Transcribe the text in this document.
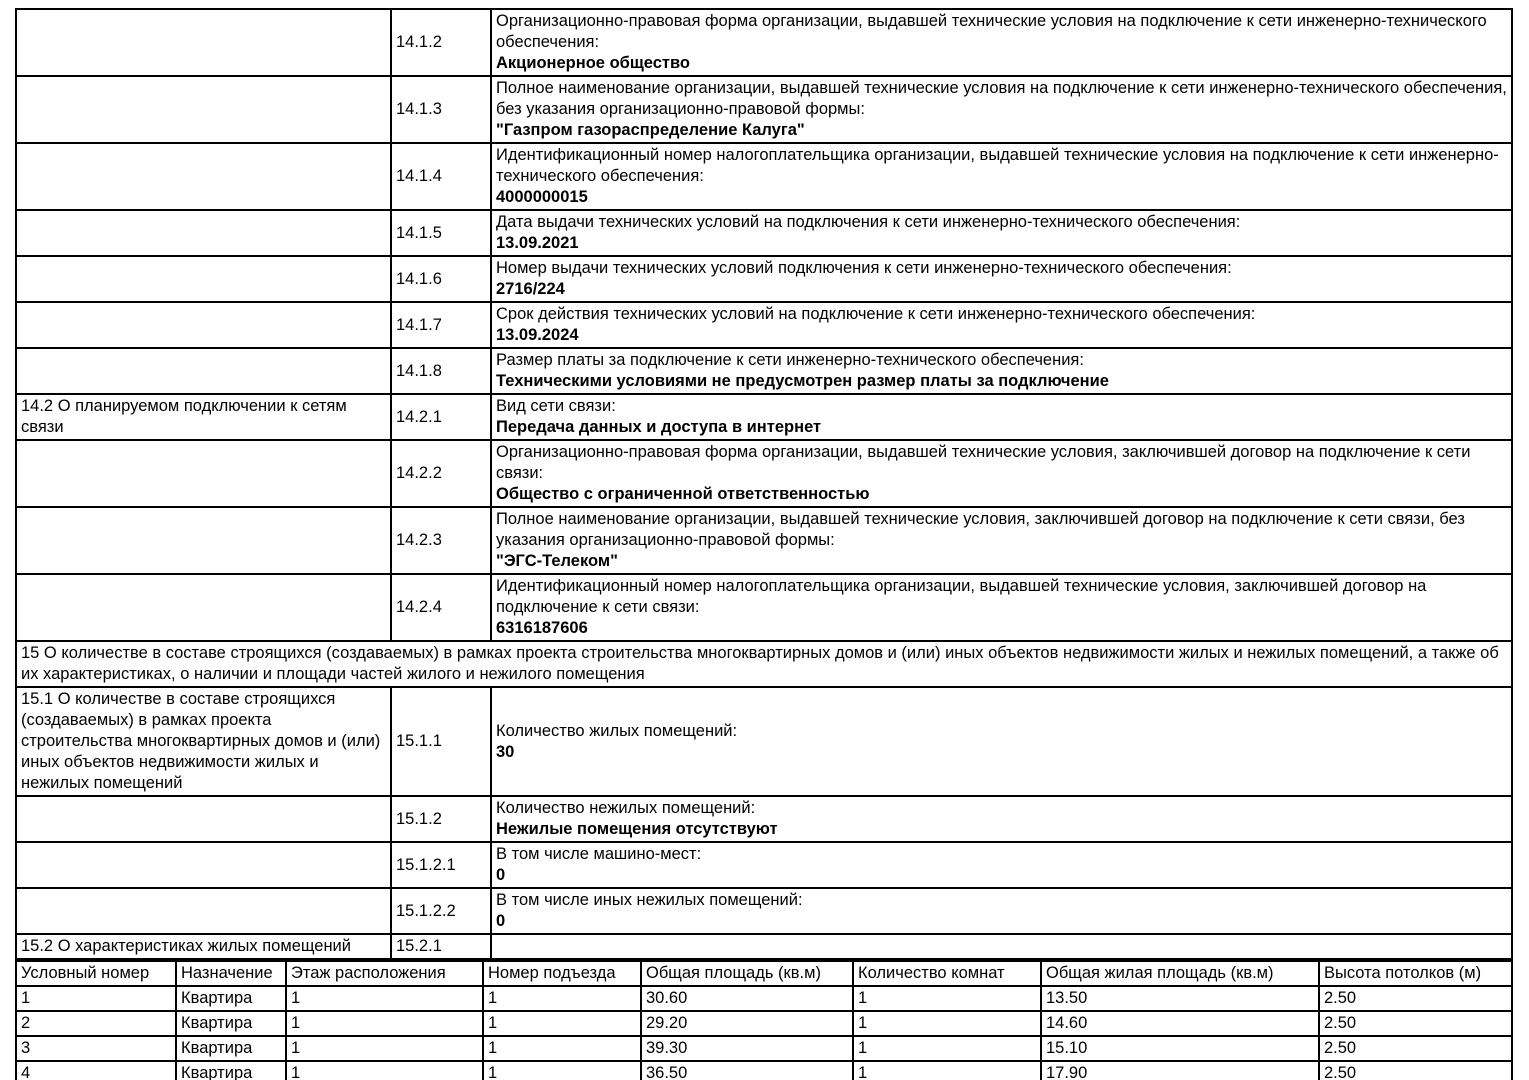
	14.1.2	Организационно-правовая форма организации, выдавшей технические условия на подключение к сети инженерно-технического обеспечения:
Акционерное общество

	14.1.3	Полное наименование организации, выдавшей технические условия на подключение к сети инженерно-технического обеспечения, без указания организационно-правовой формы:
"Газпром газораспределение Калуга"

	14.1.4	Идентификационный номер налогоплательщика организации, выдавшей технические условия на подключение к сети инженерно-технического обеспечения:
4000000015

	14.1.5	Дата выдачи технических условий на подключения к сети инженерно-технического обеспечения:
13.09.2021

	14.1.6	Номер выдачи технических условий подключения к сети инженерно-технического обеспечения:
2716/224

	14.1.7	Срок действия технических условий на подключение к сети инженерно-технического обеспечения:
13.09.2024

	14.1.8	Размер платы за подключение к сети инженерно-технического обеспечения:
Техническими условиями не предусмотрен размер платы за подключение

14.2 О планируемом подключении к сетям связи	14.2.1	Вид сети связи:
Передача данных и доступа в интернет

	14.2.2	Организационно-правовая форма организации, выдавшей технические условия, заключившей договор на подключение к сети связи:
Общество с ограниченной ответственностью

	14.2.3	Полное наименование организации, выдавшей технические условия, заключившей договор на подключение к сети связи, без указания организационно-правовой формы:
"ЭГС-Телеком"

	14.2.4	Идентификационный номер налогоплательщика организации, выдавшей технические условия, заключившей договор на подключение к сети связи:
6316187606

15 О количестве в составе строящихся (создаваемых) в рамках проекта строительства многоквартирных домов и (или) иных объектов недвижимости жилых и нежилых помещений, а также об их характеристиках, о наличии и площади частей жилого и нежилого помещения		
15.1 О количестве в составе строящихся (создаваемых) в рамках проекта строительства многоквартирных домов и (или) иных объектов недвижимости жилых и нежилых помещений	15.1.1	Количество жилых помещений:
30

	15.1.2	Количество нежилых помещений:
Нежилые помещения отсутствуют

	15.1.2.1	В том числе машино-мест:
0

	15.1.2.2	В том числе иных нежилых помещений:
0

15.2 О характеристиках жилых помещений	15.2.1	
Условный номер	Назначение	Этаж расположения	Номер подъезда	Общая площадь (кв.м)	Количество комнат	Общая жилая площадь (кв.м)	Высота потолков (м)
1	Квартира	1	1	30.60	1	13.50	2.50
2	Квартира	1	1	29.20	1	14.60	2.50
3	Квартира	1	1	39.30	1	15.10	2.50
4	Квартира	1	1	36.50	1	17.90	2.50
